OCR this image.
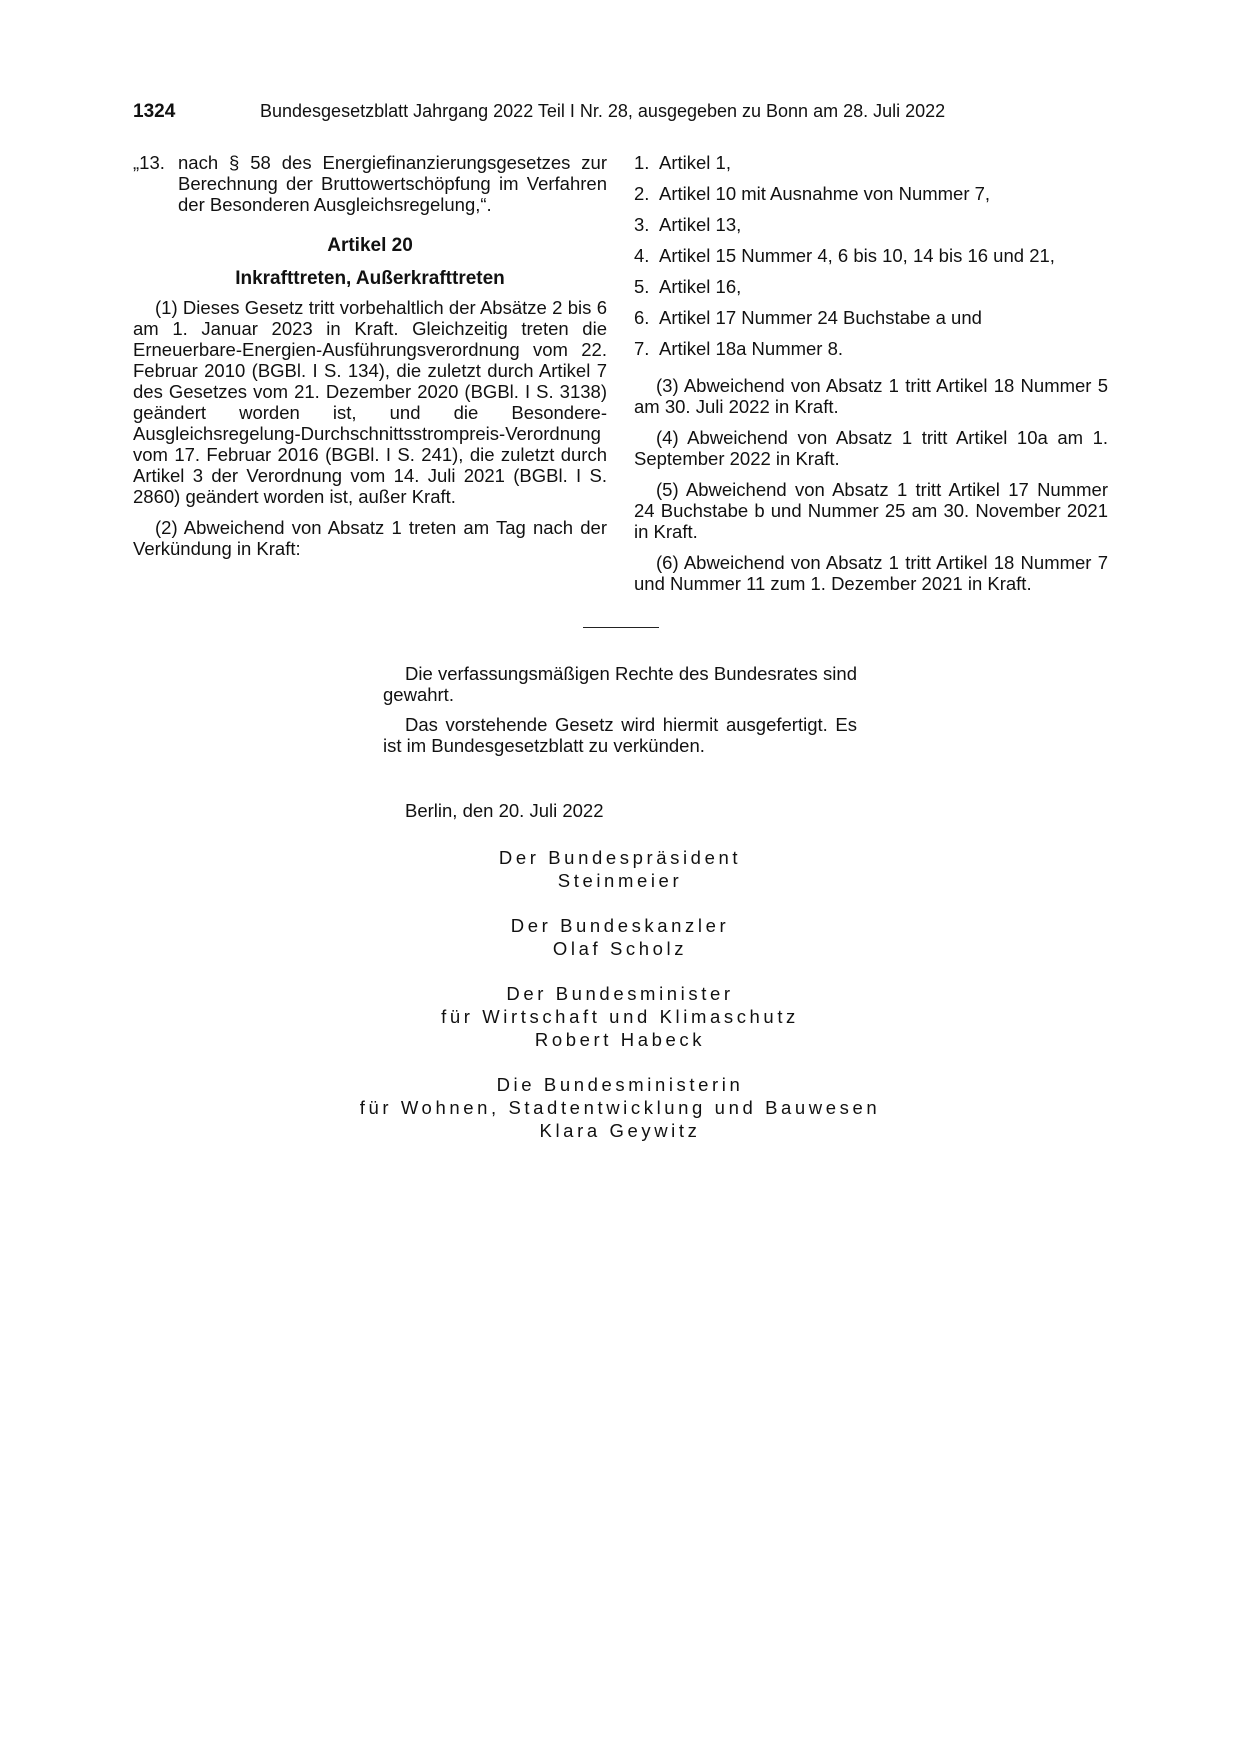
1324	Bundesgesetzblatt Jahrgang 2022 Teil I Nr. 28, ausgegeben zu Bonn am 28. Juli 2022
„13. nach § 58 des Energiefinanzierungsgesetzes zur Berechnung der Bruttowertschöpfung im Verfahren der Besonderen Ausgleichsregelung,“.
Artikel 20
Inkrafttreten, Außerkrafttreten

(1) Dieses Gesetz tritt vorbehaltlich der Absätze 2 bis 6 am 1. Januar 2023 in Kraft. Gleichzeitig treten die Erneuerbare-Energien-Ausführungsverordnung vom 22. Februar 2010 (BGBl. I S. 134), die zuletzt durch Artikel 7 des Gesetzes vom 21. Dezember 2020 (BGBl. I S. 3138) geändert worden ist, und die Besondere-Ausgleichsregelung-Durchschnittsstrompreis-Verordnung vom 17. Februar 2016 (BGBl. I S. 241), die zuletzt durch Artikel 3 der Verordnung vom 14. Juli 2021 (BGBl. I S. 2860) geändert worden ist, außer Kraft.

(2) Abweichend von Absatz 1 treten am Tag nach der Verkündung in Kraft:

1. Artikel 1,
2. Artikel 10 mit Ausnahme von Nummer 7,
3. Artikel 13,
4. Artikel 15 Nummer 4, 6 bis 10, 14 bis 16 und 21,
5. Artikel 16,
6. Artikel 17 Nummer 24 Buchstabe a und
7. Artikel 18a Nummer 8.

(3) Abweichend von Absatz 1 tritt Artikel 18 Nummer 5 am 30. Juli 2022 in Kraft.

(4) Abweichend von Absatz 1 tritt Artikel 10a am 1. September 2022 in Kraft.

(5) Abweichend von Absatz 1 tritt Artikel 17 Nummer 24 Buchstabe b und Nummer 25 am 30. November 2021 in Kraft.

(6) Abweichend von Absatz 1 tritt Artikel 18 Nummer 7 und Nummer 11 zum 1. Dezember 2021 in Kraft.

Die verfassungsmäßigen Rechte des Bundesrates sind gewahrt.

Das vorstehende Gesetz wird hiermit ausgefertigt. Es ist im Bundesgesetzblatt zu verkünden.

Berlin, den 20. Juli 2022
Der Bundespräsident
Steinmeier
Der Bundeskanzler
Olaf Scholz
Der Bundesminister
für Wirtschaft und Klimaschutz
Robert Habeck
Die Bundesministerin
für Wohnen, Stadtentwicklung und Bauwesen
Klara Geywitz
